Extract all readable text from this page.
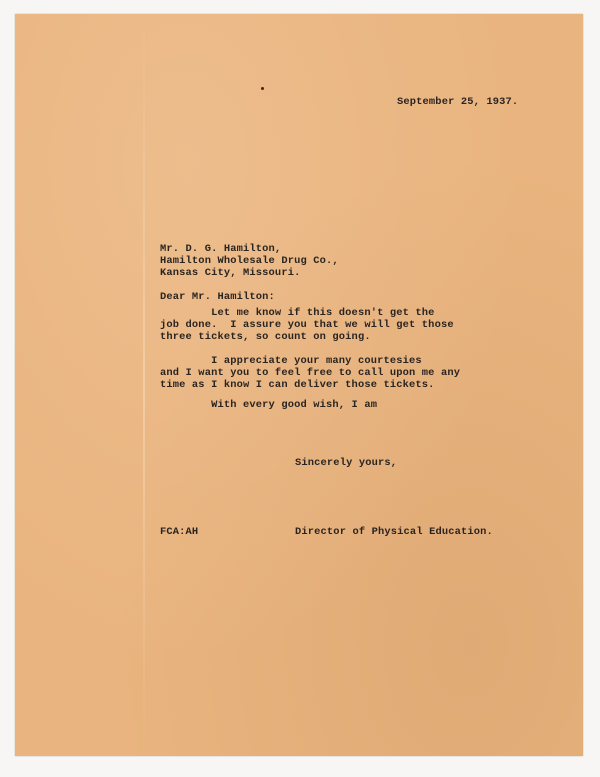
September 25, 1937.
Mr. D. G. Hamilton,
Hamilton Wholesale Drug Co.,
Kansas City, Missouri.
Dear Mr. Hamilton:
Let me know if this doesn't get the
job done.  I assure you that we will get those
three tickets, so count on going.
I appreciate your many courtesies
and I want you to feel free to call upon me any
time as I know I can deliver those tickets.
With every good wish, I am
Sincerely yours,
FCA:AH	Director of Physical Education.
